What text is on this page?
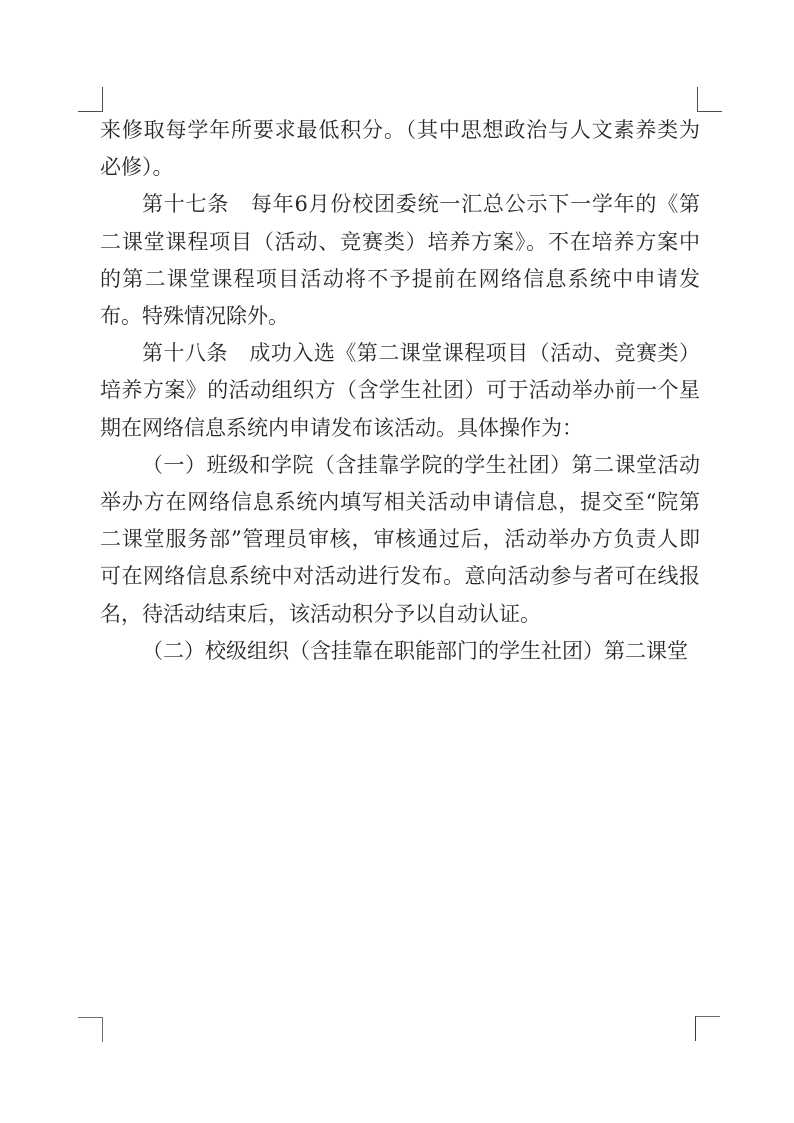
来修取每学年所要求最低积分。（其中思想政治与人文素养类为
必修）。
第十七条　每年6月份校团委统一汇总公示下一学年的《第
二课堂课程项目（活动、竞赛类）培养方案》。不在培养方案中
的第二课堂课程项目活动将不予提前在网络信息系统中申请发
布。特殊情况除外。
第十八条　成功入选《第二课堂课程项目（活动、竞赛类）
培养方案》的活动组织方（含学生社团）可于活动举办前一个星
期在网络信息系统内申请发布该活动。具体操作为：
（一）班级和学院（含挂靠学院的学生社团）第二课堂活动
举办方在网络信息系统内填写相关活动申请信息，提交至“院第
二课堂服务部”管理员审核，审核通过后，活动举办方负责人即
可在网络信息系统中对活动进行发布。意向活动参与者可在线报
名，待活动结束后，该活动积分予以自动认证。
（二）校级组织（含挂靠在职能部门的学生社团）第二课堂
